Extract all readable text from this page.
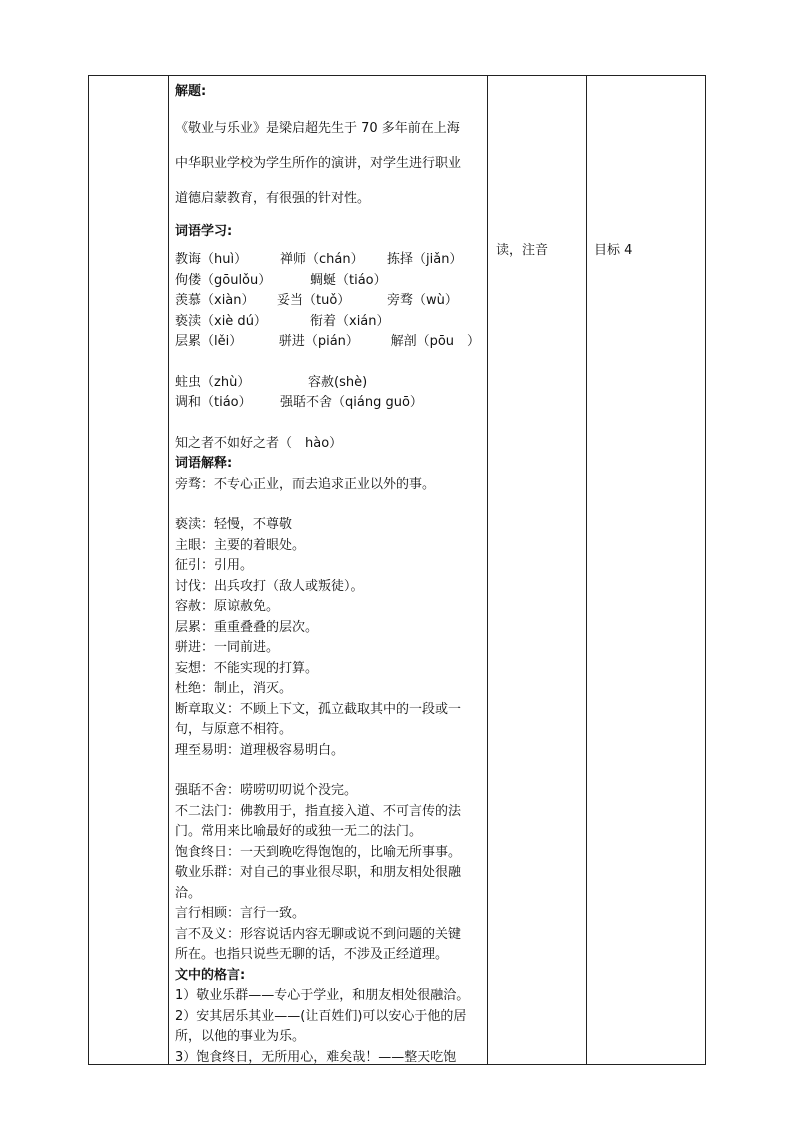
解题:
《敬业与乐业》是梁启超先生于 70 多年前在上海
中华职业学校为学生所作的演讲，对学生进行职业
道德启蒙教育，有很强的针对性。
词语学习:
教诲（huì）	禅师（chán）	拣择（jiǎn）
佝偻（gōulǒu）	蜩蜒（tiáo）
羡慕（xiàn）	妥当（tuǒ）	旁骛（wù）
亵渎（xiè dú）	衔着（xián）
层累（lěi）	骈进（pián）	解剖（pōu　）
蛀虫（zhù）	容赦(shè)
调和（tiáo）	强聒不舍（qiáng guō）
知之者不如好之者（　hào）
词语解释:
旁骛：不专心正业，而去追求正业以外的事。
亵渎：轻慢，不尊敬
主眼：主要的着眼处。
征引：引用。
讨伐：出兵攻打（敌人或叛徒）。
容赦：原谅赦免。
层累：重重叠叠的层次。
骈进：一同前进。
妄想：不能实现的打算。
杜绝：制止，消灭。
断章取义：不顾上下文，孤立截取其中的一段或一
句，与原意不相符。
理至易明：道理极容易明白。
强聒不舍：唠唠叨叨说个没完。
不二法门：佛教用于，指直接入道、不可言传的法
门。常用来比喻最好的或独一无二的法门。
饱食终日：一天到晚吃得饱饱的，比喻无所事事。
敬业乐群：对自己的事业很尽职，和朋友相处很融
洽。
言行相顾：言行一致。
言不及义：形容说话内容无聊或说不到问题的关键
所在。也指只说些无聊的话，不涉及正经道理。
文中的格言:
1）敬业乐群——专心于学业，和朋友相处很融洽。
2）安其居乐其业——(让百姓们)可以安心于他的居
所，以他的事业为乐。
3）饱食终日，无所用心，难矣哉！——整天吃饱
读，注音	目标 4
